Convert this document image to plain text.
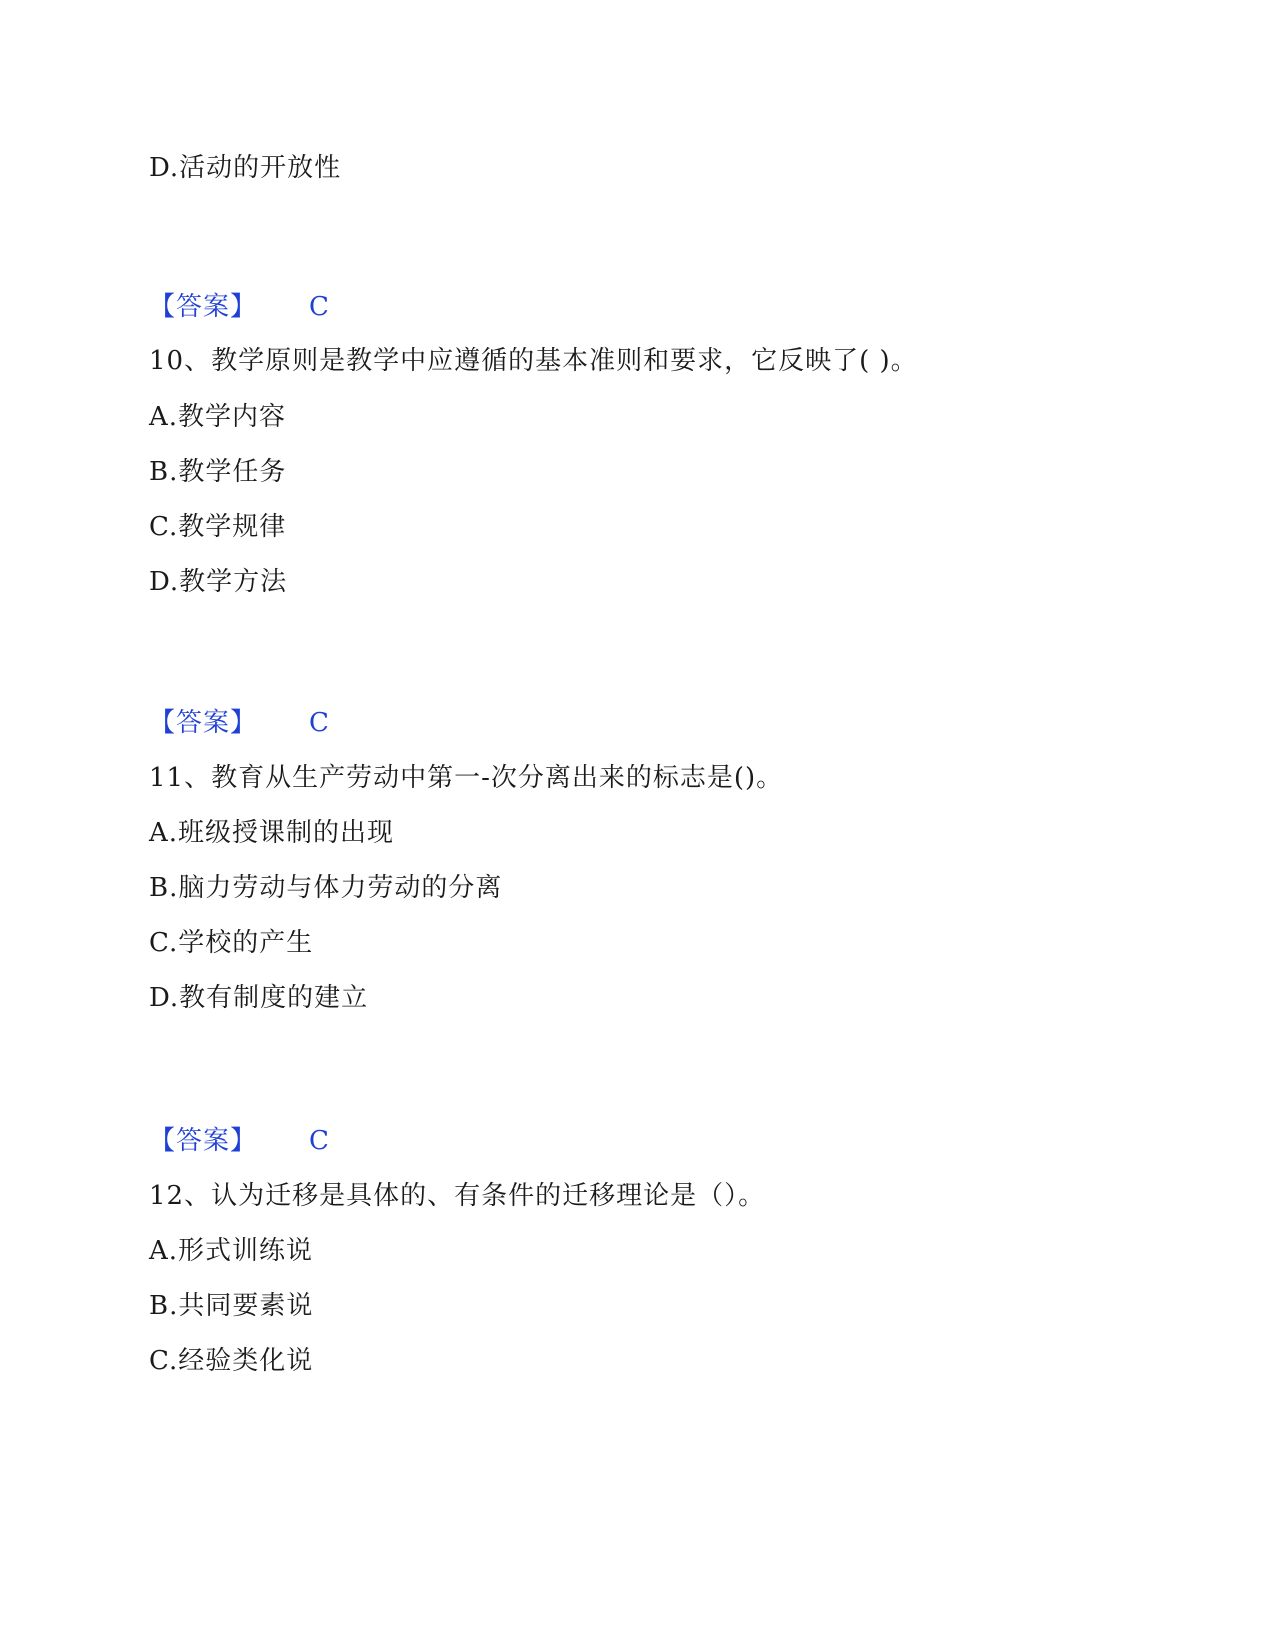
D.活动的开放性
【答案】 C
10、教学原则是教学中应遵循的基本准则和要求，它反映了( )。
A.教学内容
B.教学任务
C.教学规律
D.教学方法
【答案】 C
11、教育从生产劳动中第一-次分离出来的标志是()。
A.班级授课制的出现
B.脑力劳动与体力劳动的分离
C.学校的产生
D.教有制度的建立
【答案】 C
12、认为迁移是具体的、有条件的迁移理论是（）。
A.形式训练说
B.共同要素说
C.经验类化说
